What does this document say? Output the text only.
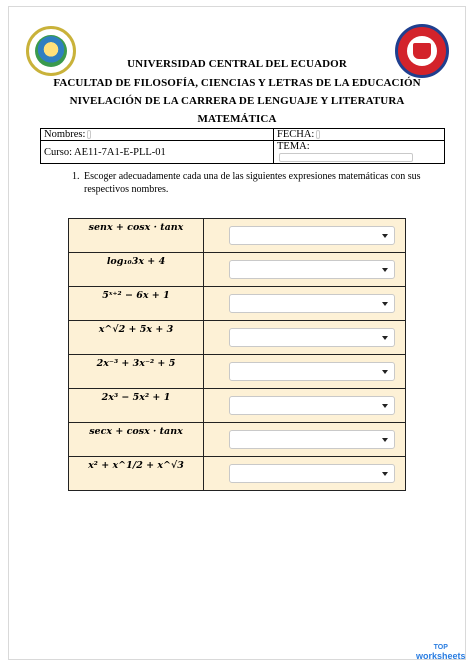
UNIVERSIDAD CENTRAL DEL ECUADOR
FACULTAD DE FILOSOFÍA, CIENCIAS Y LETRAS DE LA EDUCACIÓN
NIVELACIÓN DE LA CARRERA DE LENGUAJE Y LITERATURA
MATEMÁTICA
Nombres:	FECHA:
Curso: AE11-7A1-E-PLL-01	TEMA:
1. Escoger adecuadamente cada una de las siguientes expresiones matemáticas con sus respectivos nombres.
senx + cosx · tanx	

log₁₀3x + 4	

5ˣ⁺² − 6x + 1	

x^√2 + 5x + 3	

2x⁻³ + 3x⁻² + 5	

2x³ − 5x² + 1	

secx + cosx · tanx	

x² + x^1/2 + x^√3	
TOP
worksheets
